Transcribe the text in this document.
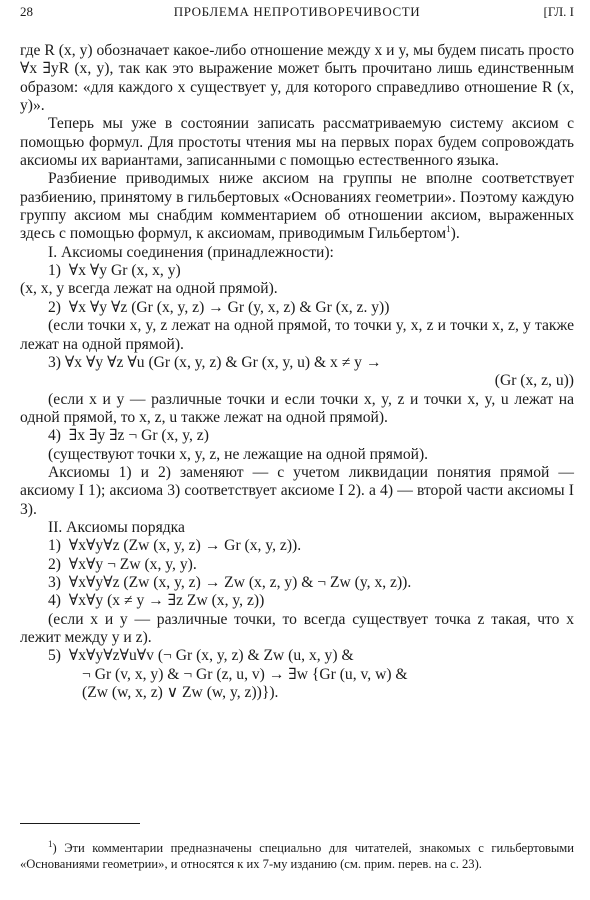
28	ПРОБЛЕМА НЕПРОТИВОРЕЧИВОСТИ	[ГЛ. I

где R (x, y) обозначает какое-либо отношение между x и y, мы будем писать просто ∀x ∃yR (x, y), так как это выражение может быть прочитано лишь единственным образом: «для каждого x существует y, для которого справедливо отношение R (x, y)».

Теперь мы уже в состоянии записать рассматриваемую систему аксиом с помощью формул. Для простоты чтения мы на первых порах будем сопровождать аксиомы их вариантами, записанными с помощью естественного языка.

Разбиение приводимых ниже аксиом на группы не вполне соответствует разбиению, принятому в гильбертовых «Основаниях геометрии». Поэтому каждую группу аксиом мы снабдим комментарием об отношении аксиом, выраженных здесь с помощью формул, к аксиомам, приводимым Гильбертом$^1$).

I. Аксиомы соединения (принадлежности):

1)  ∀x ∀y Gr (x, x, y)

(x, x, y всегда лежат на одной прямой).

2)  ∀x ∀y ∀z (Gr (x, y, z) → Gr (y, x, z) & Gr (x, z. y))

(если точки x, y, z лежат на одной прямой, то точки y, x, z и точки x, z, y также лежат на одной прямой).

3) ∀x ∀y ∀z ∀u (Gr (x, y, z) & Gr (x, y, u) & x ≠ y →

(Gr (x, z, u))

(если x и y — различные точки и если точки x, y, z и точки x, y, u лежат на одной прямой, то x, z, u также лежат на одной прямой).

4)  ∃x ∃y ∃z ¬ Gr (x, y, z)

(существуют точки x, y, z, не лежащие на одной прямой).

Аксиомы 1) и 2) заменяют — с учетом ликвидации понятия прямой — аксиому I 1); аксиома 3) соответствует аксиоме I 2). а 4) — второй части аксиомы I 3).

II. Аксиомы порядка

1)  ∀x∀y∀z (Zw (x, y, z) → Gr (x, y, z)).

2)  ∀x∀y ¬ Zw (x, y, y).

3)  ∀x∀y∀z (Zw (x, y, z) → Zw (x, z, y) & ¬ Zw (y, x, z)).

4)  ∀x∀y (x ≠ y → ∃z Zw (x, y, z))

(если x и y — различные точки, то всегда существует точка z такая, что x лежит между y и z).

5)  ∀x∀y∀z∀u∀v (¬ Gr (x, y, z) & Zw (u, x, y) &

¬ Gr (v, x, y) & ¬ Gr (z, u, v) → ∃w {Gr (u, v, w) &

(Zw (w, x, z) ∨ Zw (w, y, z))}).

$^1$) Эти комментарии предназначены специально для читателей, знакомых с гильбертовыми «Основаниями геометрии», и относятся к их 7-му изданию (см. прим. перев. на с. 23).
